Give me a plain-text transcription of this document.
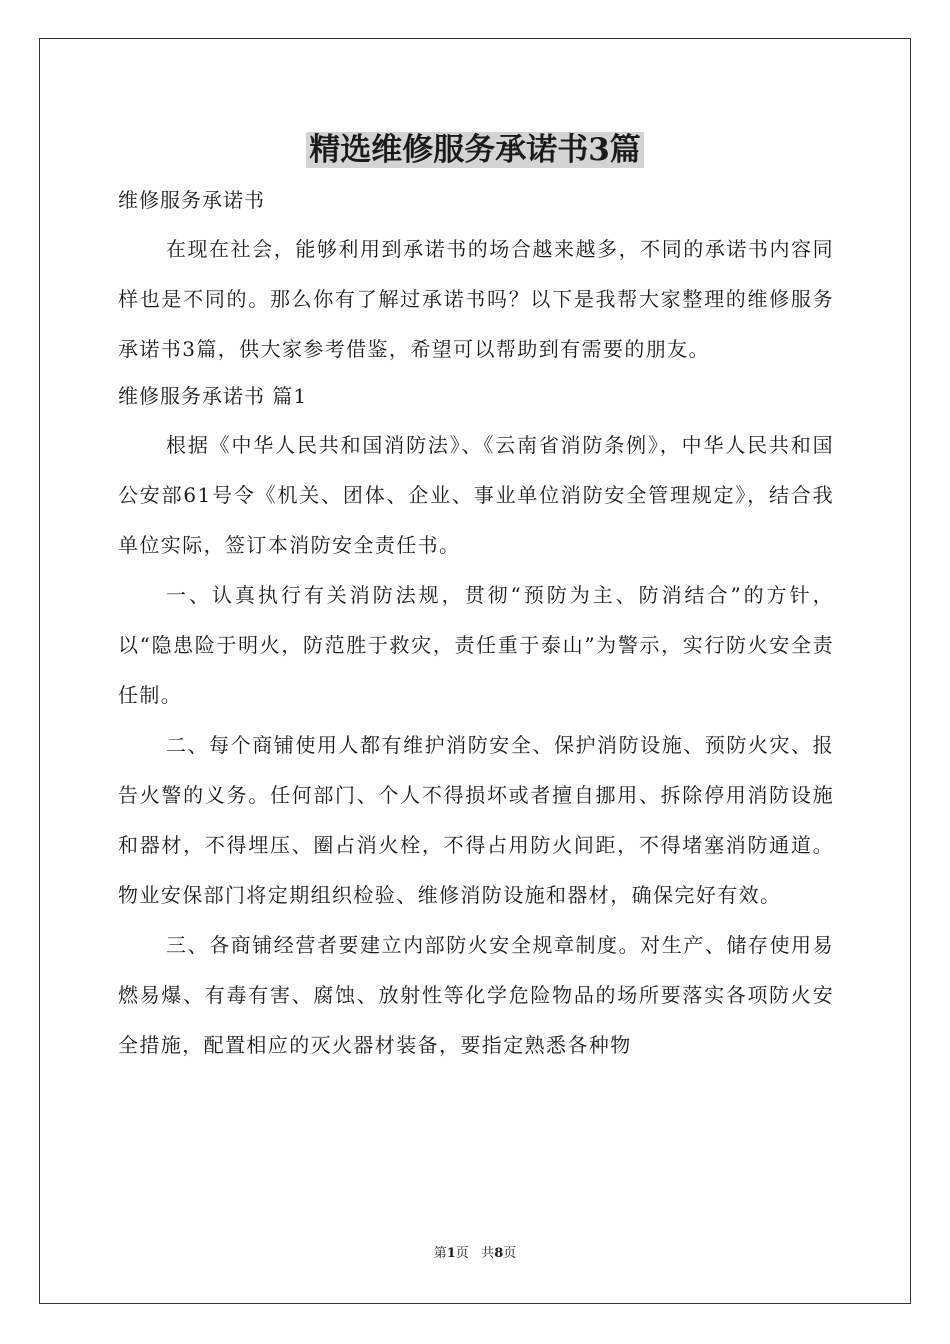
精选维修服务承诺书3篇

维修服务承诺书

在现在社会，能够利用到承诺书的场合越来越多，不同的承诺书内容同样也是不同的。那么你有了解过承诺书吗？以下是我帮大家整理的维修服务承诺书3篇，供大家参考借鉴，希望可以帮助到有需要的朋友。

维修服务承诺书 篇1

根据《中华人民共和国消防法》、《云南省消防条例》，中华人民共和国公安部61号令《机关、团体、企业、事业单位消防安全管理规定》，结合我单位实际，签订本消防安全责任书。

一、认真执行有关消防法规，贯彻“预防为主、防消结合”的方针，以“隐患险于明火，防范胜于救灾，责任重于泰山”为警示，实行防火安全责任制。

二、每个商铺使用人都有维护消防安全、保护消防设施、预防火灾、报告火警的义务。任何部门、个人不得损坏或者擅自挪用、拆除停用消防设施和器材，不得埋压、圈占消火栓，不得占用防火间距，不得堵塞消防通道。物业安保部门将定期组织检验、维修消防设施和器材，确保完好有效。

三、各商铺经营者要建立内部防火安全规章制度。对生产、储存使用易燃易爆、有毒有害、腐蚀、放射性等化学危险物品的场所要落实各项防火安全措施，配置相应的灭火器材装备，要指定熟悉各种物

第1页   共8页
